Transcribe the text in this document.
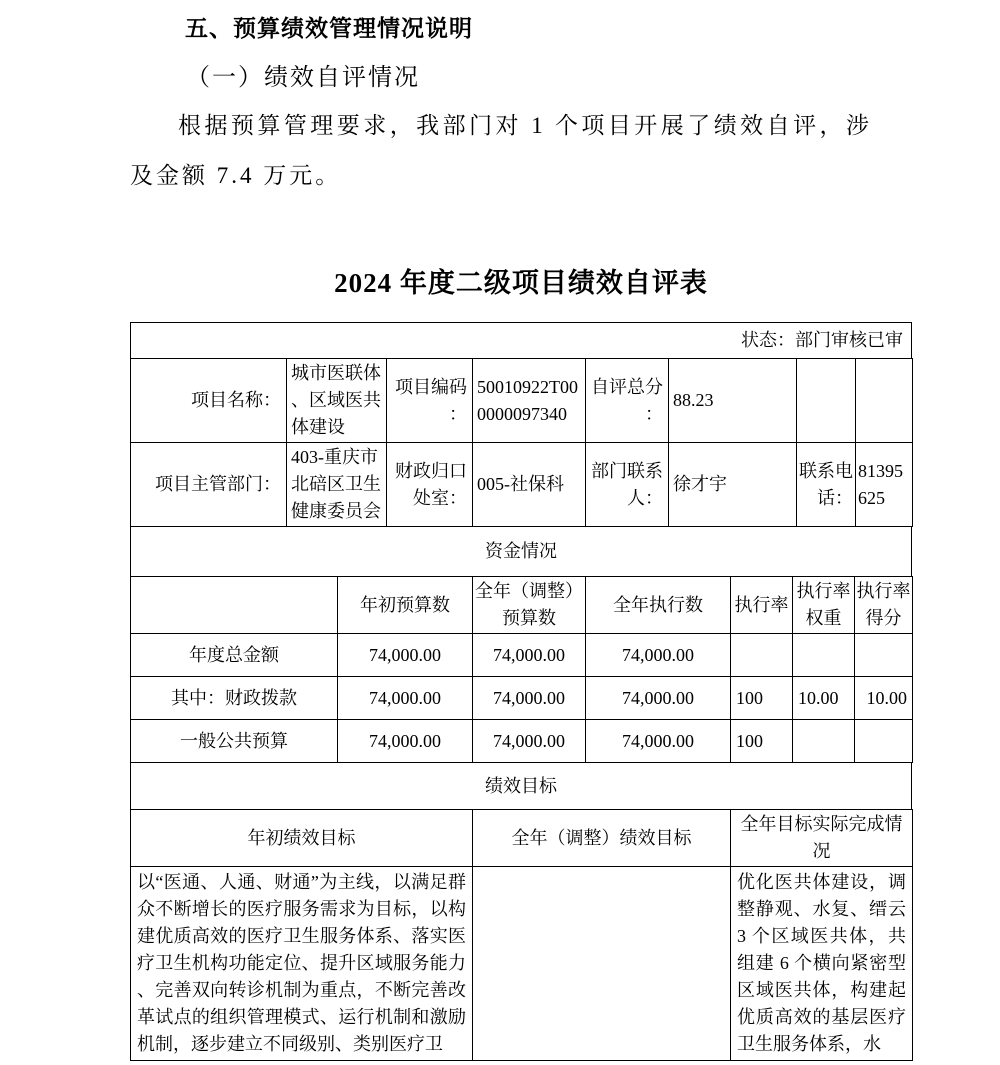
五、预算绩效管理情况说明
（一）绩效自评情况

根据预算管理要求，我部门对 1 个项目开展了绩效自评，涉及金额 7.4 万元。

2024 年度二级项目绩效自评表

状态：部门审核已审
项目名称：	城市医联体、区域医共体建设	项目编码：	50010922T000000097340	自评总分：	88.23		
项目主管部门：	403-重庆市北碚区卫生健康委员会	财政归口处室：	005-社保科	部门联系人：	徐才宇	联系电话：	81395625
资金情况
	年初预算数	全年（调整）预算数	全年执行数	执行率	执行率权重	执行率得分
年度总金额	74,000.00	74,000.00	74,000.00			
其中：财政拨款	74,000.00	74,000.00	74,000.00	100	10.00	10.00
一般公共预算	74,000.00	74,000.00	74,000.00	100		
绩效目标
年初绩效目标	全年（调整）绩效目标	全年目标实际完成情况
以“医通、人通、财通”为主线，以满足群众不断增长的医疗服务需求为目标，以构建优质高效的医疗卫生服务体系、落实医疗卫生机构功能定位、提升区域服务能力、完善双向转诊机制为重点，不断完善改革试点的组织管理模式、运行机制和激励机制，逐步建立不同级别、类别医疗卫		优化医共体建设，调整静观、水复、缙云 3 个区域医共体，共组建 6 个横向紧密型区域医共体，构建起优质高效的基层医疗卫生服务体系，水
